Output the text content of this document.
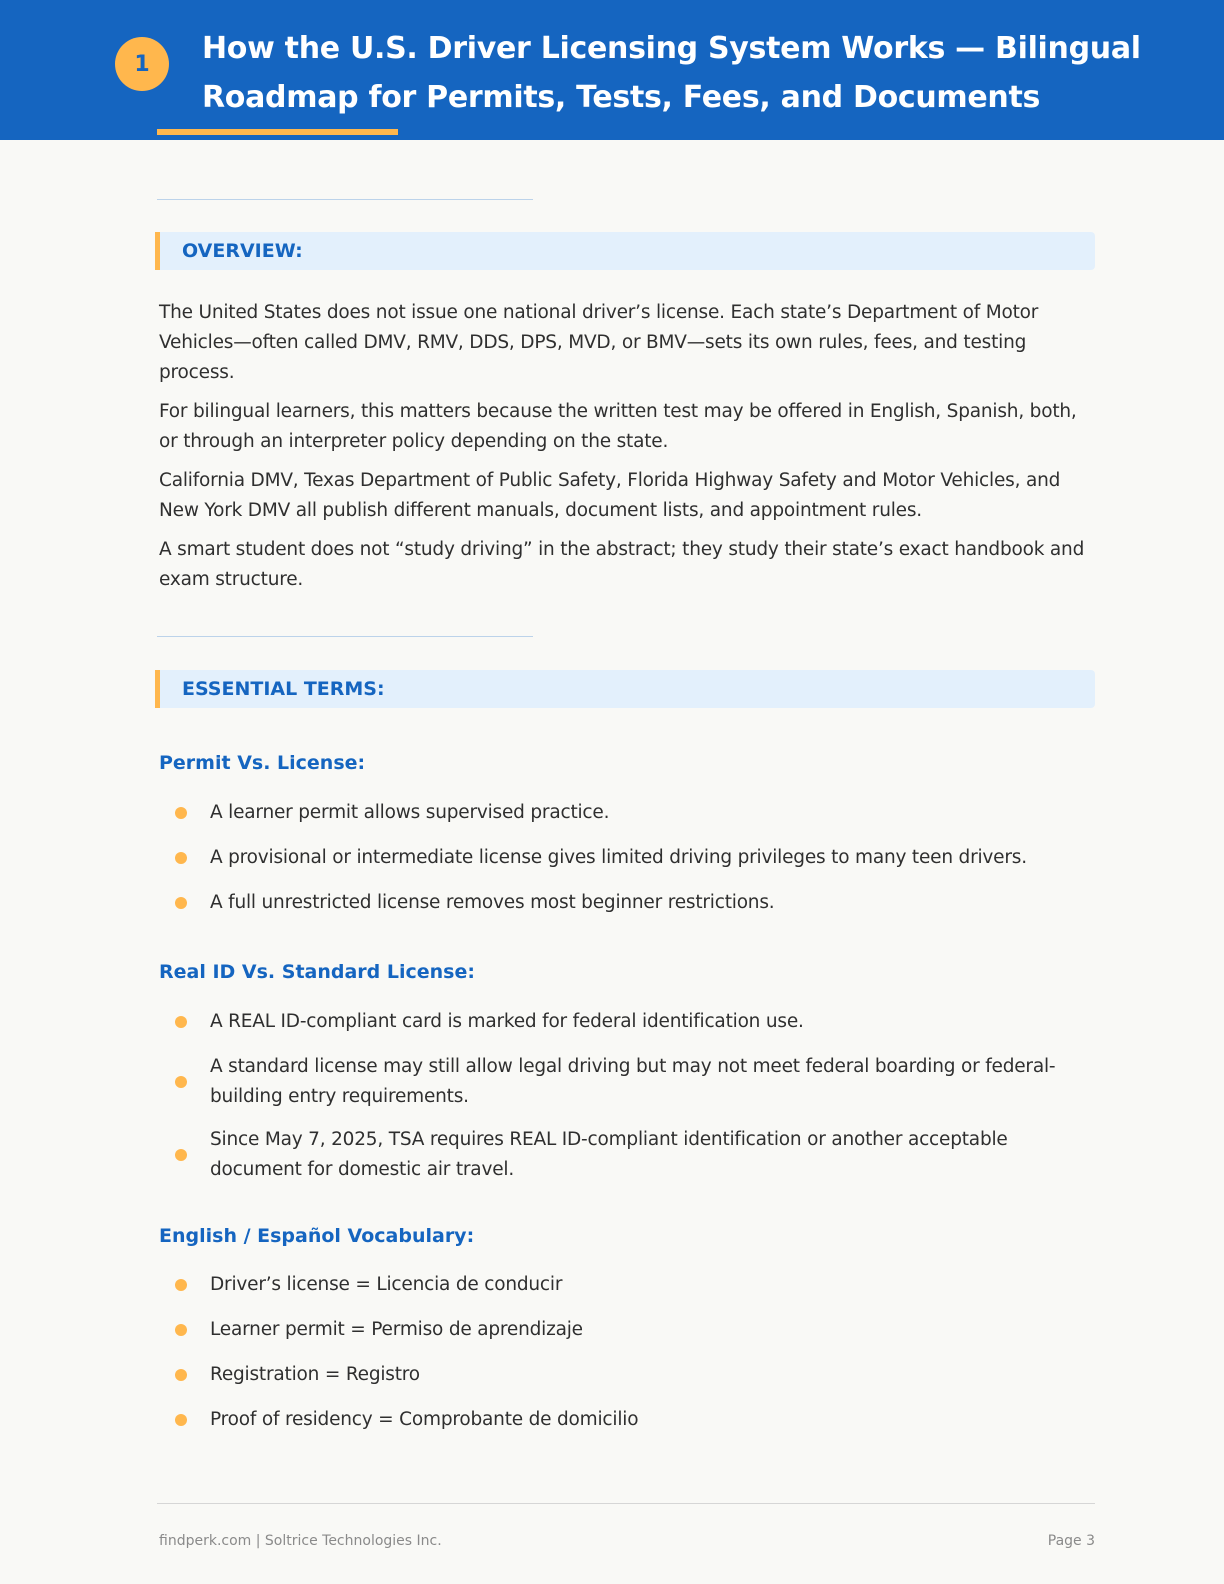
1	How the U.S. Driver Licensing System Works — Bilingual Roadmap for Permits, Tests, Fees, and Documents
OVERVIEW:

The United States does not issue one national driver’s license. Each state’s Department of Motor Vehicles—often called DMV, RMV, DDS, DPS, MVD, or BMV—sets its own rules, fees, and testing process.

For bilingual learners, this matters because the written test may be offered in English, Spanish, both, or through an interpreter policy depending on the state.

California DMV, Texas Department of Public Safety, Florida Highway Safety and Motor Vehicles, and New York DMV all publish different manuals, document lists, and appointment rules.

A smart student does not “study driving” in the abstract; they study their state’s exact handbook and exam structure.

ESSENTIAL TERMS:
Permit Vs. License:
A learner permit allows supervised practice.
A provisional or intermediate license gives limited driving privileges to many teen drivers.
A full unrestricted license removes most beginner restrictions.
Real ID Vs. Standard License:
A REAL ID-compliant card is marked for federal identification use.
A standard license may still allow legal driving but may not meet federal boarding or federal-building entry requirements.
Since May 7, 2025, TSA requires REAL ID-compliant identification or another acceptable document for domestic air travel.
English / Español Vocabulary:
Driver’s license = Licencia de conducir
Learner permit = Permiso de aprendizaje
Registration = Registro
Proof of residency = Comprobante de domicilio
findperk.com | Soltrice Technologies Inc.	Page 3
